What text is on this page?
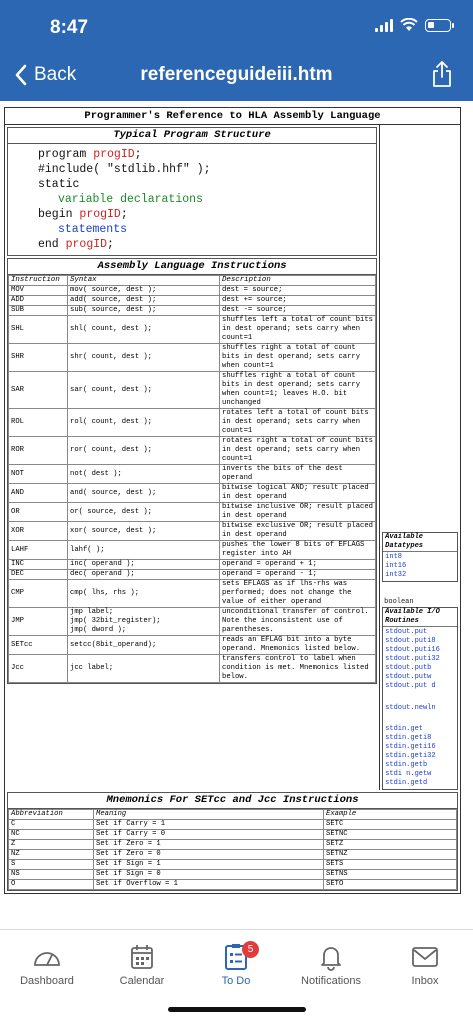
8:47
Back	referenceguideiii.htm
Programmer's Reference to HLA Assembly Language
Typical Program Structure
program progID;
#include( "stdlib.hhf" );
static
variable declarations
begin progID;
statements
end progID;
Assembly Language Instructions
Instruction	Syntax	Description
MOV	mov( source, dest );	dest = source;
ADD	add( source, dest );	dest += source;
SUB	sub( source, dest );	dest -= source;
SHL	shl( count, dest );	shuffles left a total of count bits in dest operand; sets carry when count=1
SHR	shr( count, dest );	shuffles right a total of count bits in dest operand; sets carry when count=1
SAR	sar( count, dest );	shuffles right a total of count bits in dest operand; sets carry when count=1; leaves H.O. bit unchanged
ROL	rol( count, dest );	rotates left a total of count bits in dest operand; sets carry when count=1
ROR	ror( count, dest );	rotates right a total of count bits in dest operand; sets carry when count=1
NOT	not( dest );	inverts the bits of the dest operand
AND	and( source, dest );	bitwise logical AND; result placed in dest operand
OR	or( source, dest );	bitwise inclusive OR; result placed in dest operand
XOR	xor( source, dest );	bitwise exclusive OR; result placed in dest operand
LAHF	lahf( );	pushes the lower 8 bits of EFLAGS register into AH
INC	inc( operand );	operand = operand + 1;
DEC	dec( operand );	operand = operand - 1;
CMP	cmp( lhs, rhs );	sets EFLAGS as if lhs-rhs was performed; does not change the value of either operand
JMP	jmp label;
jmp( 32bit_register);
jmp( dword );	unconditional transfer of control. Note the inconsistent use of parentheses.
SETcc	setcc(8bit_operand);	reads an EFLAG bit into a byte operand. Mnemonics listed below.
Jcc	jcc label;	transfers control to label when condition is met. Mnemonics listed below.
Available Datatypes
int8
int16
int32
boolean
Available I/O Routines
stdout.put
stdout.puti8
stdout.puti16
stdout.puti32
stdout.putb
stdout.putw
stdout.put d
stdout.newln
stdin.get
stdin.geti8
stdin.geti16
stdin.geti32
stdin.getb
stdi n.getw
stdin.getd
Mnemonics For SETcc and Jcc Instructions
Abbreviation	Meaning	Example
C	Set if Carry = 1	SETC
NC	Set if Carry = 0	SETNC
Z	Set if Zero = 1	SETZ
NZ	Set if Zero = 0	SETNZ
S	Set if Sign = 1	SETS
NS	Set if Sign = 0	SETNS
O	Set if Overflow = 1	SETO
Dashboard	Calendar
5
To Do	Notifications	Inbox
